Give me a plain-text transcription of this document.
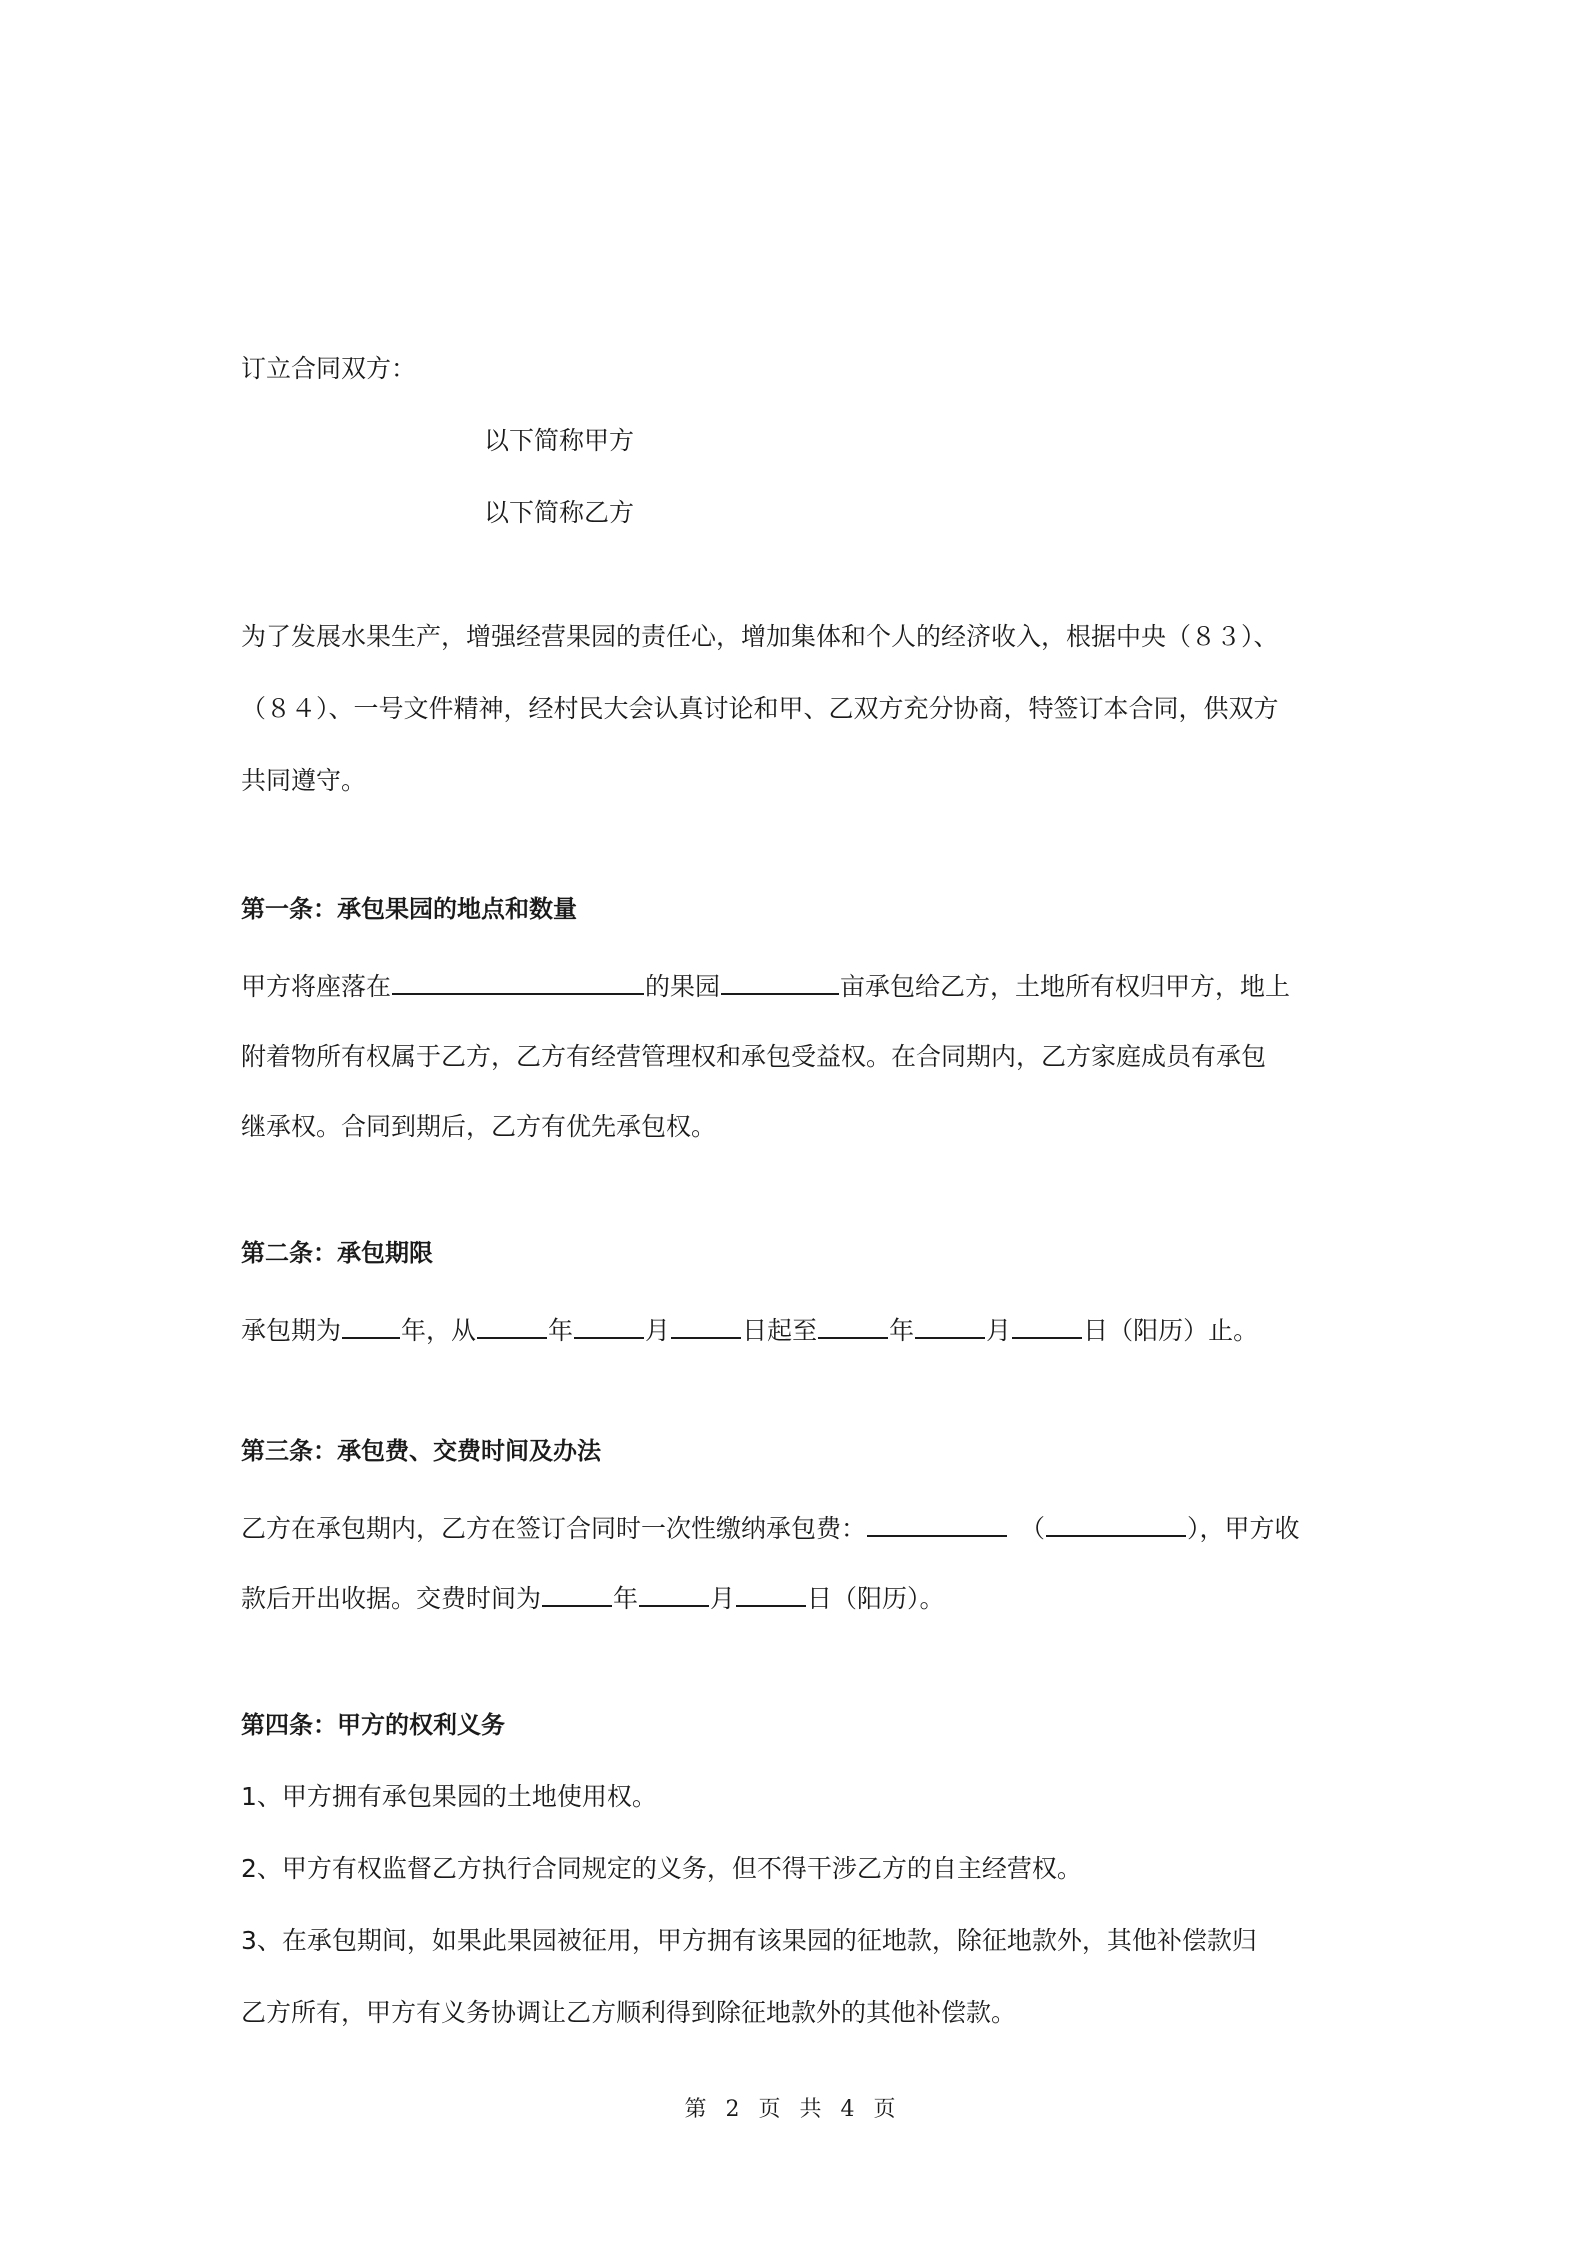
订立合同双方：
以下简称甲方
以下简称乙方
为了发展水果生产，增强经营果园的责任心，增加集体和个人的经济收入，根据中央（８３）、
（８４）、一号文件精神，经村民大会认真讨论和甲、乙双方充分协商，特签订本合同，供双方
共同遵守。
第一条：承包果园的地点和数量
甲方将座落在	的果园	亩承包给乙方，土地所有权归甲方，地上
附着物所有权属于乙方，乙方有经营管理权和承包受益权。在合同期内，乙方家庭成员有承包
继承权。合同到期后，乙方有优先承包权。
第二条：承包期限
承包期为 年，从	年	月	日起至	年	月	日（阳历）止。
第三条：承包费、交费时间及办法
乙方在承包期内，乙方在签订合同时一次性缴纳承包费：	（	），甲方收
款后开出收据。交费时间为	年	月	日（阳历）。
第四条：甲方的权利义务
1、甲方拥有承包果园的土地使用权。
2、甲方有权监督乙方执行合同规定的义务，但不得干涉乙方的自主经营权。
3、在承包期间，如果此果园被征用，甲方拥有该果园的征地款，除征地款外，其他补偿款归
乙方所有，甲方有义务协调让乙方顺利得到除征地款外的其他补偿款。
第 2 页 共 4 页
